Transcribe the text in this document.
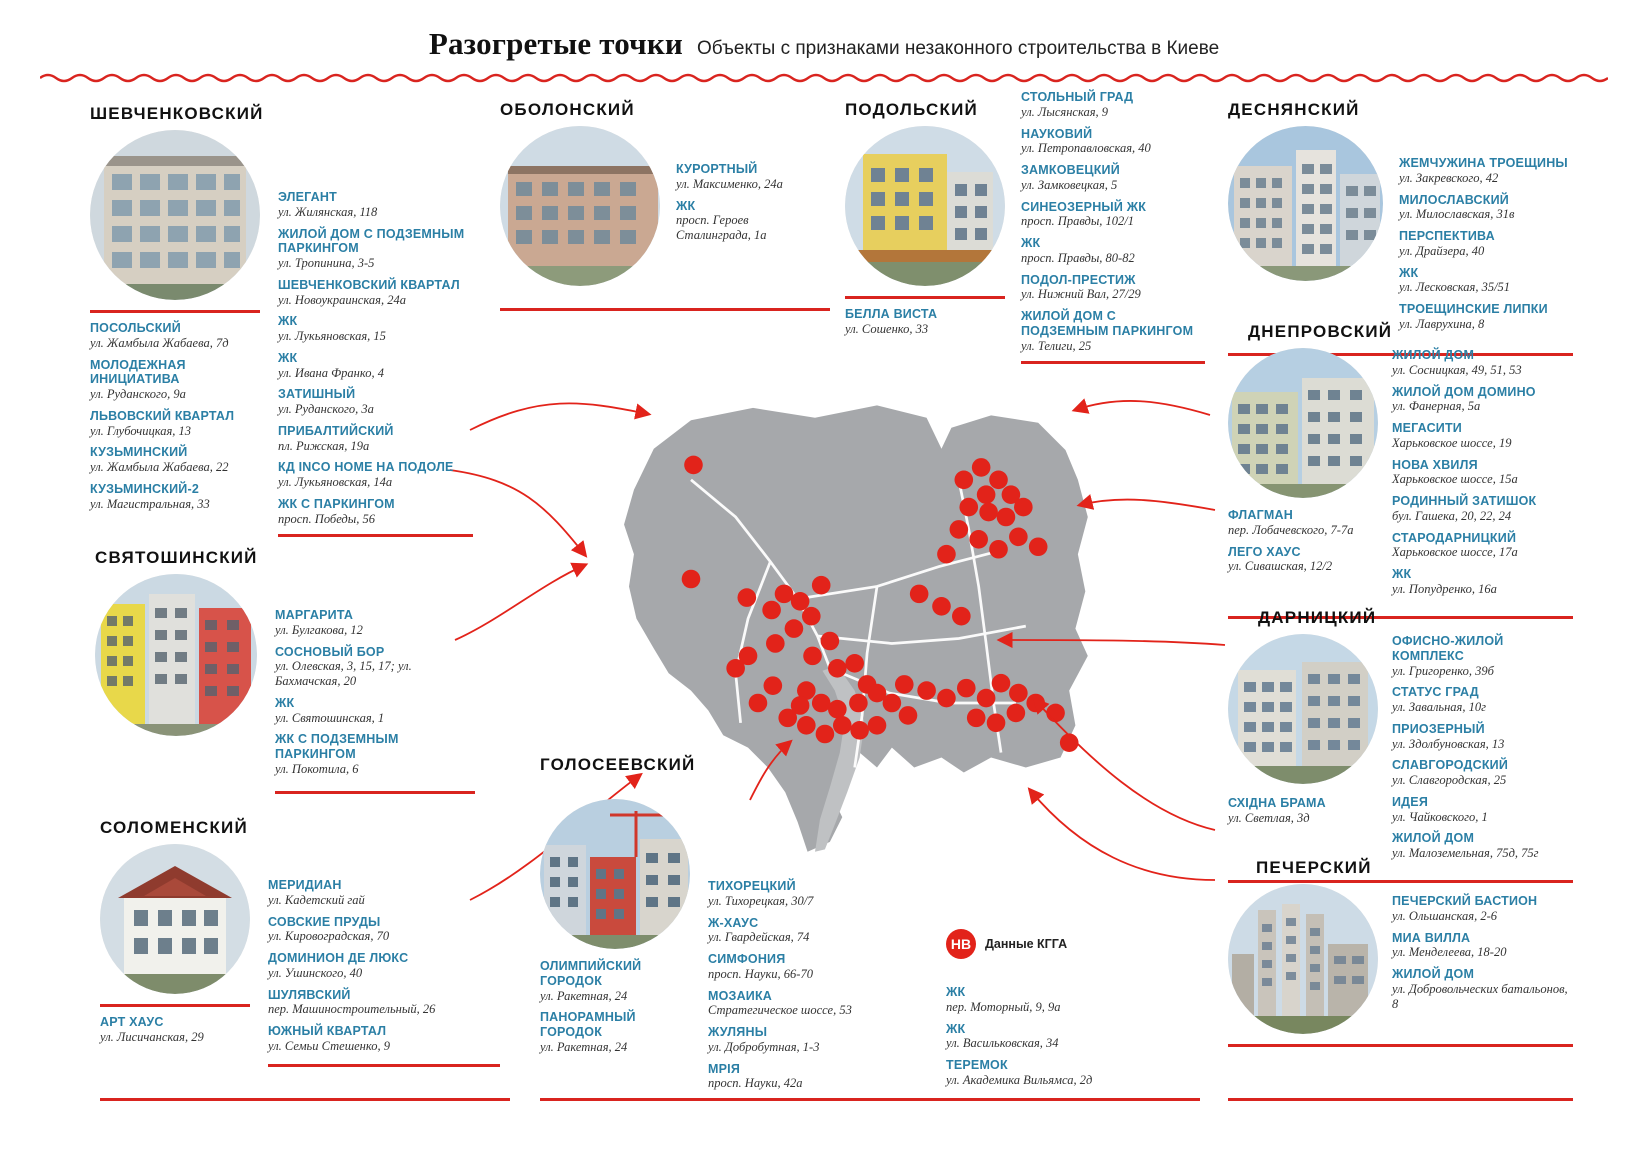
Разогретые точки Объекты с признаками незаконного строительства в Киеве
ШЕВЧЕНКОВСКИЙ
ПОСОЛЬСКИЙ
ул. Жамбыла Жабаева, 7д
МОЛОДЕЖНАЯ ИНИЦИАТИВА
ул. Руданского, 9а
ЛЬВОВСКИЙ КВАРТАЛ
ул. Глубочицкая, 13
КУЗЬМИНСКИЙ
ул. Жамбыла Жабаева, 22
КУЗЬМИНСКИЙ-2
ул. Магистральная, 33
ЭЛЕГАНТ
ул. Жилянская, 118
ЖИЛОЙ ДОМ С ПОДЗЕМНЫМ ПАРКИНГОМ
ул. Тропинина, 3-5
ШЕВЧЕНКОВСКИЙ КВАРТАЛ
ул. Новоукраинская, 24а
ЖК
ул. Лукьяновская, 15
ЖК
ул. Ивана Франко, 4
ЗАТИШНЫЙ
ул. Руданского, 3а
ПРИБАЛТИЙСКИЙ
пл. Рижская, 19а
КД INCO HOME НА ПОДОЛЕ
ул. Лукьяновская, 14а
ЖК С ПАРКИНГОМ
просп. Победы, 56
СВЯТОШИНСКИЙ
МАРГАРИТА
ул. Булгакова, 12
СОСНОВЫЙ БОР
ул. Олевская, 3, 15, 17; ул. Бахмачская, 20
ЖК
ул. Святошинская, 1
ЖК С ПОДЗЕМНЫМ ПАРКИНГОМ
ул. Покотила, 6
СОЛОМЕНСКИЙ
АРТ ХАУС
ул. Лисичанская, 29
МЕРИДИАН
ул. Кадетский гай
СОВСКИЕ ПРУДЫ
ул. Кировоградская, 70
ДОМИНИОН ДЕ ЛЮКС
ул. Ушинского, 40
ШУЛЯВСКИЙ
пер. Машиностроительный, 26
ЮЖНЫЙ КВАРТАЛ
ул. Семьи Стешенко, 9
ОБОЛОНСКИЙ
КУРОРТНЫЙ
ул. Максименко, 24а
ЖК
просп. Героев Сталинграда, 1а
ПОДОЛЬСКИЙ
БЕЛЛА ВИСТА
ул. Сошенко, 33
СТОЛЬНЫЙ ГРАД
ул. Лысянская, 9
НАУКОВИЙ
ул. Петропавловская, 40
ЗАМКОВЕЦКИЙ
ул. Замковецкая, 5
СИНЕОЗЕРНЫЙ ЖК
просп. Правды, 102/1
ЖК
просп. Правды, 80-82
ПОДОЛ-ПРЕСТИЖ
ул. Нижний Вал, 27/29
ЖИЛОЙ ДОМ С ПОДЗЕМНЫМ ПАРКИНГОМ
ул. Телиги, 25
ДЕСНЯНСКИЙ
ЖЕМЧУЖИНА ТРОЕЩИНЫ
ул. Закревского, 42
МИЛОСЛАВСКИЙ
ул. Милославская, 31в
ПЕРСПЕКТИВА
ул. Драйзера, 40
ЖК
ул. Лесковская, 35/51
ТРОЕЩИНСКИЕ ЛИПКИ
ул. Лаврухина, 8
ДНЕПРОВСКИЙ
ФЛАГМАН
пер. Лобачевского, 7-7а
ЛЕГО ХАУС
ул. Сивашская, 12/2
ЖИЛОЙ ДОМ
ул. Сосницкая, 49, 51, 53
ЖИЛОЙ ДОМ ДОМИНО
ул. Фанерная, 5а
МЕГАСИТИ
Харьковское шоссе, 19
НОВА ХВИЛЯ
Харьковское шоссе, 15а
РОДИННЫЙ ЗАТИШОК
бул. Гашека, 20, 22, 24
СТАРОДАРНИЦКИЙ
Харьковское шоссе, 17а
ЖК
ул. Попудренко, 16а
ДАРНИЦКИЙ
СХІДНА БРАМА
ул. Светлая, 3д
ОФИСНО-ЖИЛОЙ КОМПЛЕКС
ул. Григоренко, 39б
СТАТУС ГРАД
ул. Завальная, 10г
ПРИОЗЕРНЫЙ
ул. Здолбуновская, 13
СЛАВГОРОДСКИЙ
ул. Славгородская, 25
ИДЕЯ
ул. Чайковского, 1
ЖИЛОЙ ДОМ
ул. Малоземельная, 75д, 75г
ПЕЧЕРСКИЙ
ПЕЧЕРСКИЙ БАСТИОН
ул. Ольшанская, 2-6
МИА ВИЛЛА
ул. Менделеева, 18-20
ЖИЛОЙ ДОМ
ул. Добровольческих батальонов, 8
ГОЛОСЕЕВСКИЙ
ОЛИМПИЙСКИЙ ГОРОДОК
ул. Ракетная, 24
ПАНОРАМНЫЙ ГОРОДОК
ул. Ракетная, 24
ТИХОРЕЦКИЙ
ул. Тихорецкая, 30/7
Ж-ХАУС
ул. Гвардейская, 74
СИМФОНИЯ
просп. Науки, 66-70
МОЗАИКА
Стратегическое шоссе, 53
ЖУЛЯНЫ
ул. Добробутная, 1-3
МРІЯ
просп. Науки, 42а
НВ	Данные КГГА
ЖК
пер. Моторный, 9, 9а
ЖК
ул. Васильковская, 34
ТЕРЕМОК
ул. Академика Вильямса, 2д
